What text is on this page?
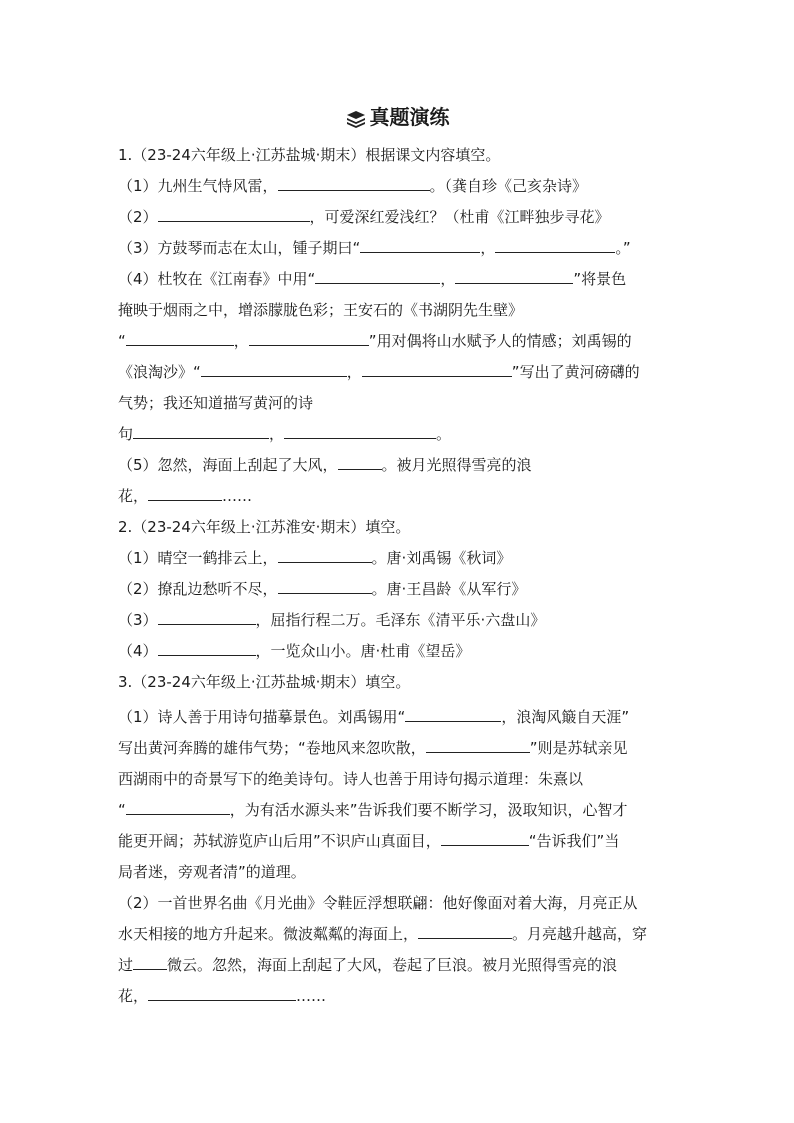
真题演练
1.（23-24六年级上·江苏盐城·期末）根据课文内容填空。
（1）九州生气恃风雷，	。（龚自珍《己亥杂诗》
（2）	，可爱深红爱浅红？（杜甫《江畔独步寻花》
（3）方鼓琴而志在太山，锺子期曰“	，	。”
（4）杜牧在《江南春》中用“	，	”将景色
掩映于烟雨之中，增添朦胧色彩；王安石的《书湖阴先生壁》
“	，	”用对偶将山水赋予人的情感；刘禹锡的
《浪淘沙》“	，	”写出了黄河磅礴的
气势；我还知道描写黄河的诗
句	，	。
（5）忽然，海面上刮起了大风，	。被月光照得雪亮的浪
花，	……
2.（23-24六年级上·江苏淮安·期末）填空。
（1）晴空一鹤排云上，	。唐·刘禹锡《秋词》
（2）撩乱边愁听不尽，	。唐·王昌龄《从军行》
（3）	，屈指行程二万。毛泽东《清平乐·六盘山》
（4）	，一览众山小。唐·杜甫《望岳》
3.（23-24六年级上·江苏盐城·期末）填空。
（1）诗人善于用诗句描摹景色。刘禹锡用“	，浪淘风簸自天涯”
写出黄河奔腾的雄伟气势；“卷地风来忽吹散，	”则是苏轼亲见
西湖雨中的奇景写下的绝美诗句。诗人也善于用诗句揭示道理：朱熹以
“	，为有活水源头来”告诉我们要不断学习，汲取知识，心智才
能更开阔；苏轼游览庐山后用”不识庐山真面目，	“告诉我们”当
局者迷，旁观者清”的道理。
（2）一首世界名曲《月光曲》令鞋匠浮想联翩：他好像面对着大海，月亮正从
水天相接的地方升起来。微波粼粼的海面上，	。月亮越升越高，穿
过 微云。忽然，海面上刮起了大风，卷起了巨浪。被月光照得雪亮的浪
花，	……
